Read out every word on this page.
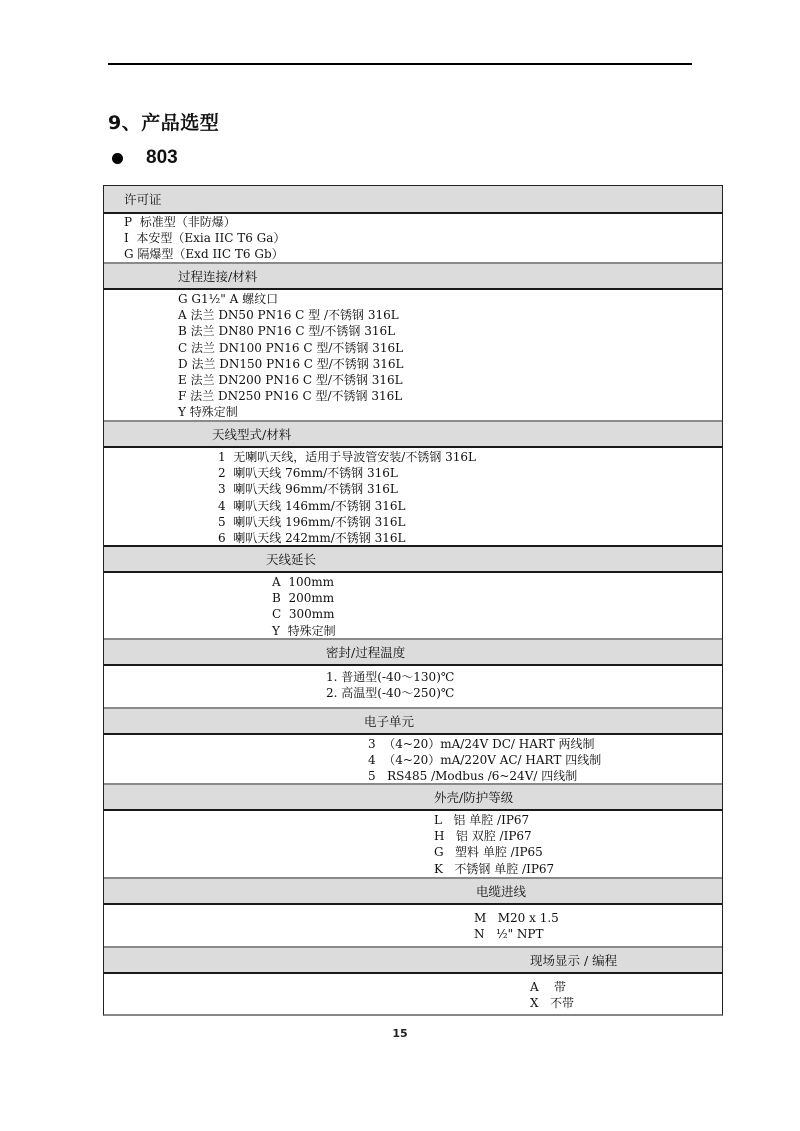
9、产品选型
803
许可证
P 标准型（非防爆）
I 本安型（Exia IIC T6 Ga）
G 隔爆型（Exd IIC T6 Gb）
过程连接/材料
G G1½" A 螺纹口
A 法兰 DN50 PN16 C 型 /不锈钢 316L
B 法兰 DN80 PN16 C 型/不锈钢 316L
C 法兰 DN100 PN16 C 型/不锈钢 316L
D 法兰 DN150 PN16 C 型/不锈钢 316L
E 法兰 DN200 PN16 C 型/不锈钢 316L
F 法兰 DN250 PN16 C 型/不锈钢 316L
Y 特殊定制
天线型式/材料
1 无喇叭天线，适用于导波管安装/不锈钢 316L
2 喇叭天线 76mm/不锈钢 316L
3 喇叭天线 96mm/不锈钢 316L
4 喇叭天线 146mm/不锈钢 316L
5 喇叭天线 196mm/不锈钢 316L
6 喇叭天线 242mm/不锈钢 316L
天线延长
A 100mm
B 200mm
C 300mm
Y 特殊定制
密封/过程温度
1. 普通型(-40～130)℃
2. 高温型(-40～250)℃
电子单元
3 （4~20）mA/24V DC/ HART 两线制
4 （4~20）mA/220V AC/ HART 四线制
5 RS485 /Modbus /6~24V/ 四线制
外壳/防护等级
L 铝 单腔 /IP67
H 铝 双腔 /IP67
G 塑料 单腔 /IP65
K 不锈钢 单腔 /IP67
电缆进线
M M20 x 1.5
N ½" NPT
现场显示 / 编程
A 带
X 不带
15
